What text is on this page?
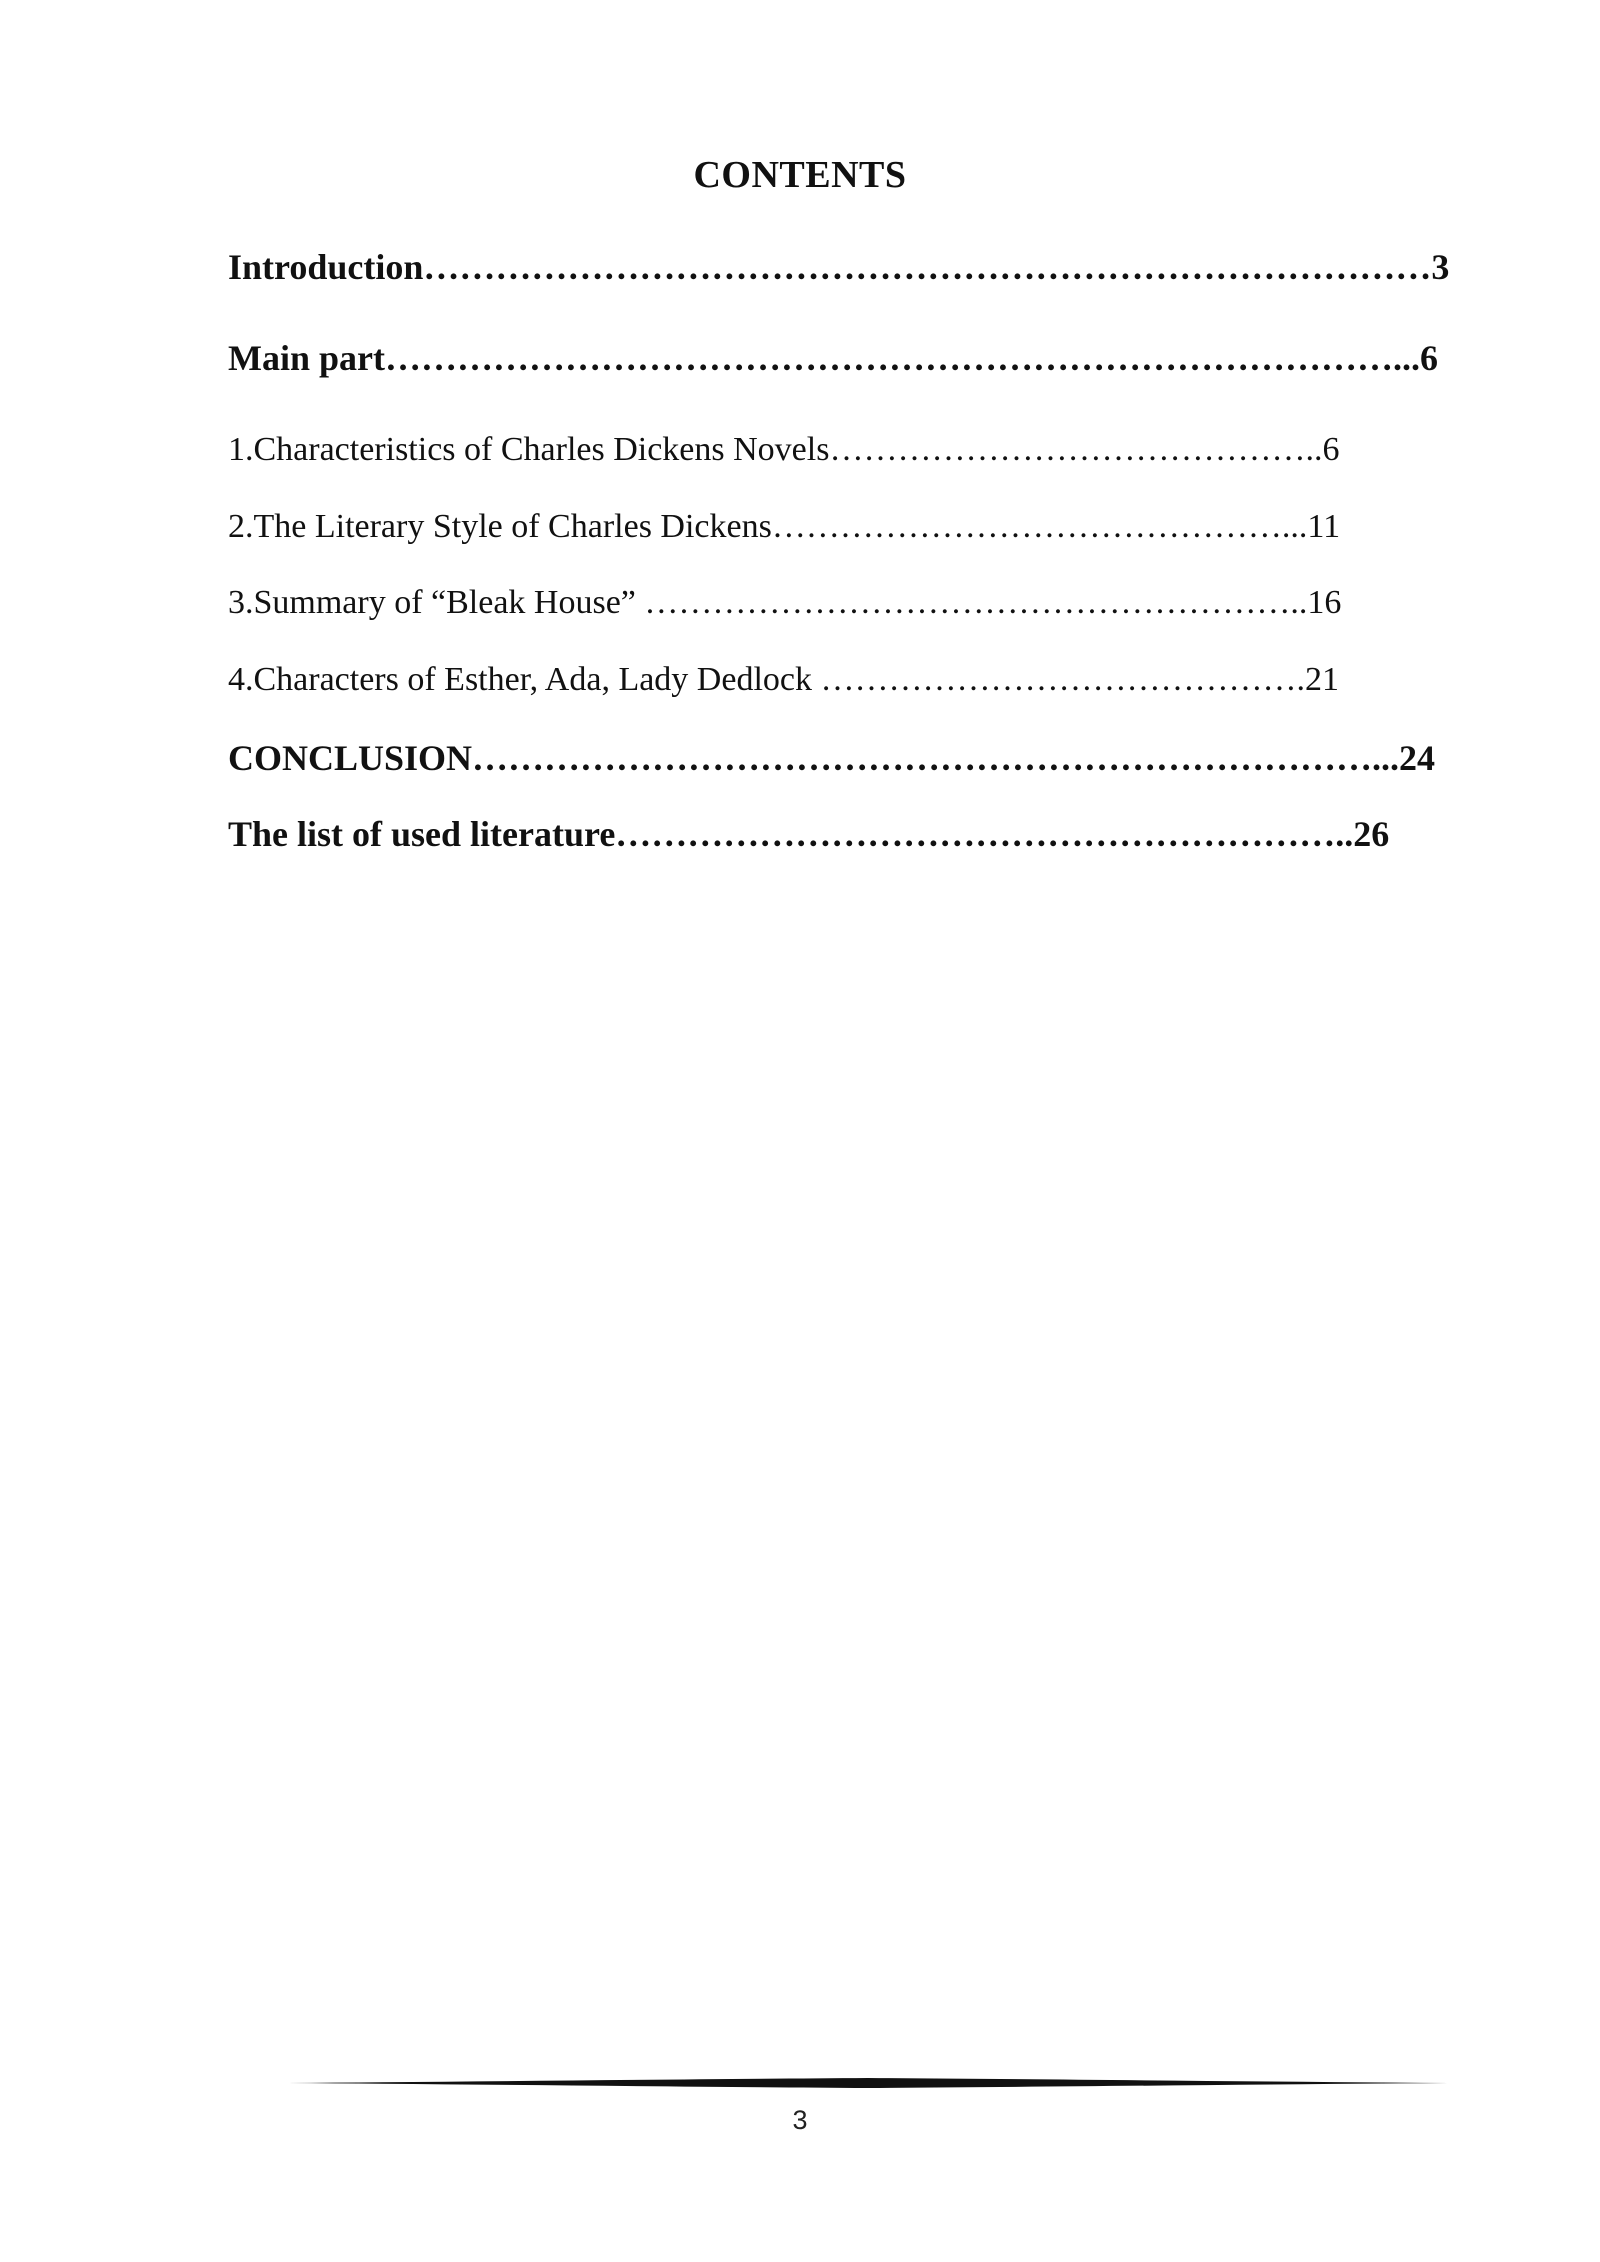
CONTENTS
Introduction…………………………………………………………………………3
Main part…………………………………………………………………………...6
1.Characteristics of Charles Dickens Novels……………………………………..6
2.The Literary Style of Charles Dickens………………………………………...11
3.Summary of “Bleak House” …………………………………………………..16
4.Characters of Esther, Ada, Lady Dedlock …………………………………….21
CONCLUSION…………………………………………………………………...24
The list of used literature……………………………………………………..26
3
